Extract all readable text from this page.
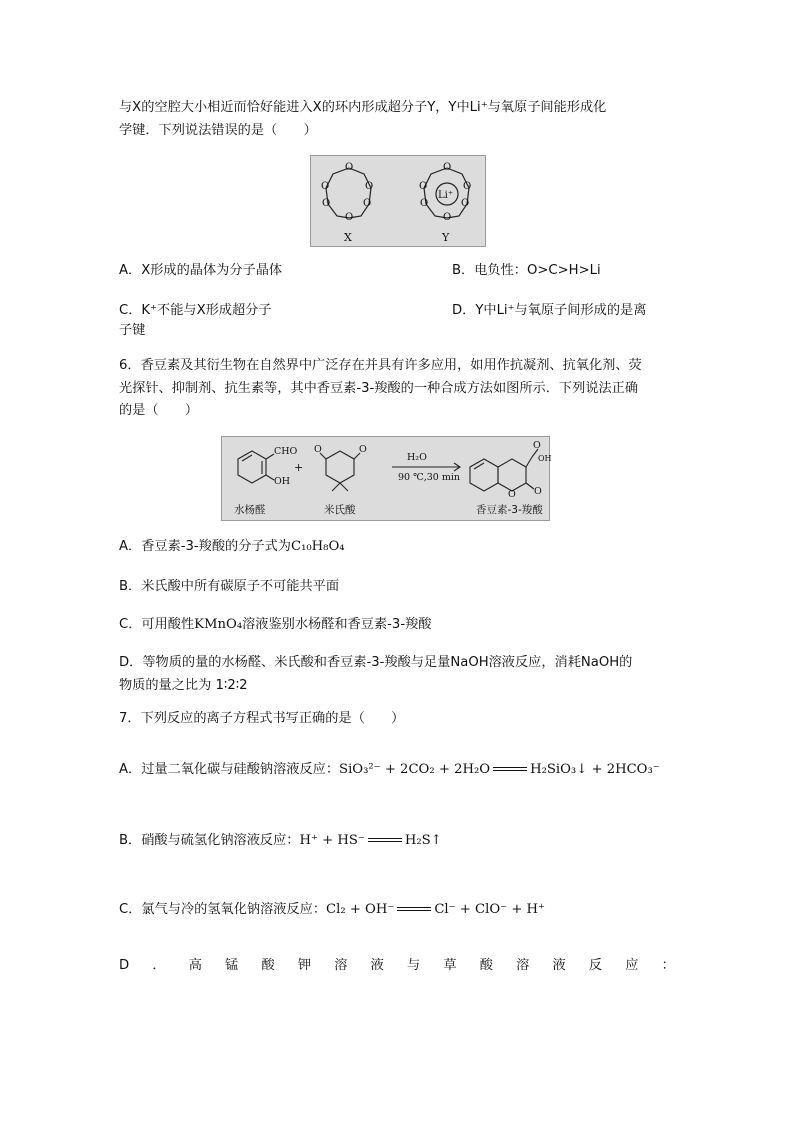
与X的空腔大小相近而恰好能进入X的环内形成超分子Y，Y中Li⁺与氧原子间能形成化
学键．下列说法错误的是（　　）
O
O
O
O
O
O
X
O
O
O
O
O
O
Li⁺
Y
A．X形成的晶体为分子晶体	B．电负性：O>C>H>Li
C．K⁺不能与X形成超分子	D．Y中Li⁺与氧原子间形成的是离
子键
6．香豆素及其衍生物在自然界中广泛存在并具有许多应用，如用作抗凝剂、抗氧化剂、荧
光探针、抑制剂、抗生素等，其中香豆素-3-羧酸的一种合成方法如图所示．下列说法正确
的是（　　）
CHO
OH
+
O	O
H₂O
90 ℃,30 min
O O
O
OH
水杨醛	米氏酸	香豆素-3-羧酸
A．香豆素-3-羧酸的分子式为C₁₀H₈O₄
B．米氏酸中所有碳原子不可能共平面
C．可用酸性KMnO₄溶液鉴别水杨醛和香豆素-3-羧酸
D．等物质的量的水杨醛、米氏酸和香豆素-3-羧酸与足量NaOH溶液反应，消耗NaOH的
物质的量之比为 1∶2∶2
7．下列反应的离子方程式书写正确的是（　　）
A．过量二氧化碳与硅酸钠溶液反应：SiO₃²⁻ + 2CO₂ + 2H₂O	H₂SiO₃↓ + 2HCO₃⁻
B．硝酸与硫氢化钠溶液反应：H⁺ + HS⁻	H₂S↑
C．氯气与冷的氢氧化钠溶液反应：Cl₂ + OH⁻	Cl⁻ + ClO⁻ + H⁺
D ． 高 锰 酸 钾 溶 液 与 草 酸 溶 液 反 应 ：
